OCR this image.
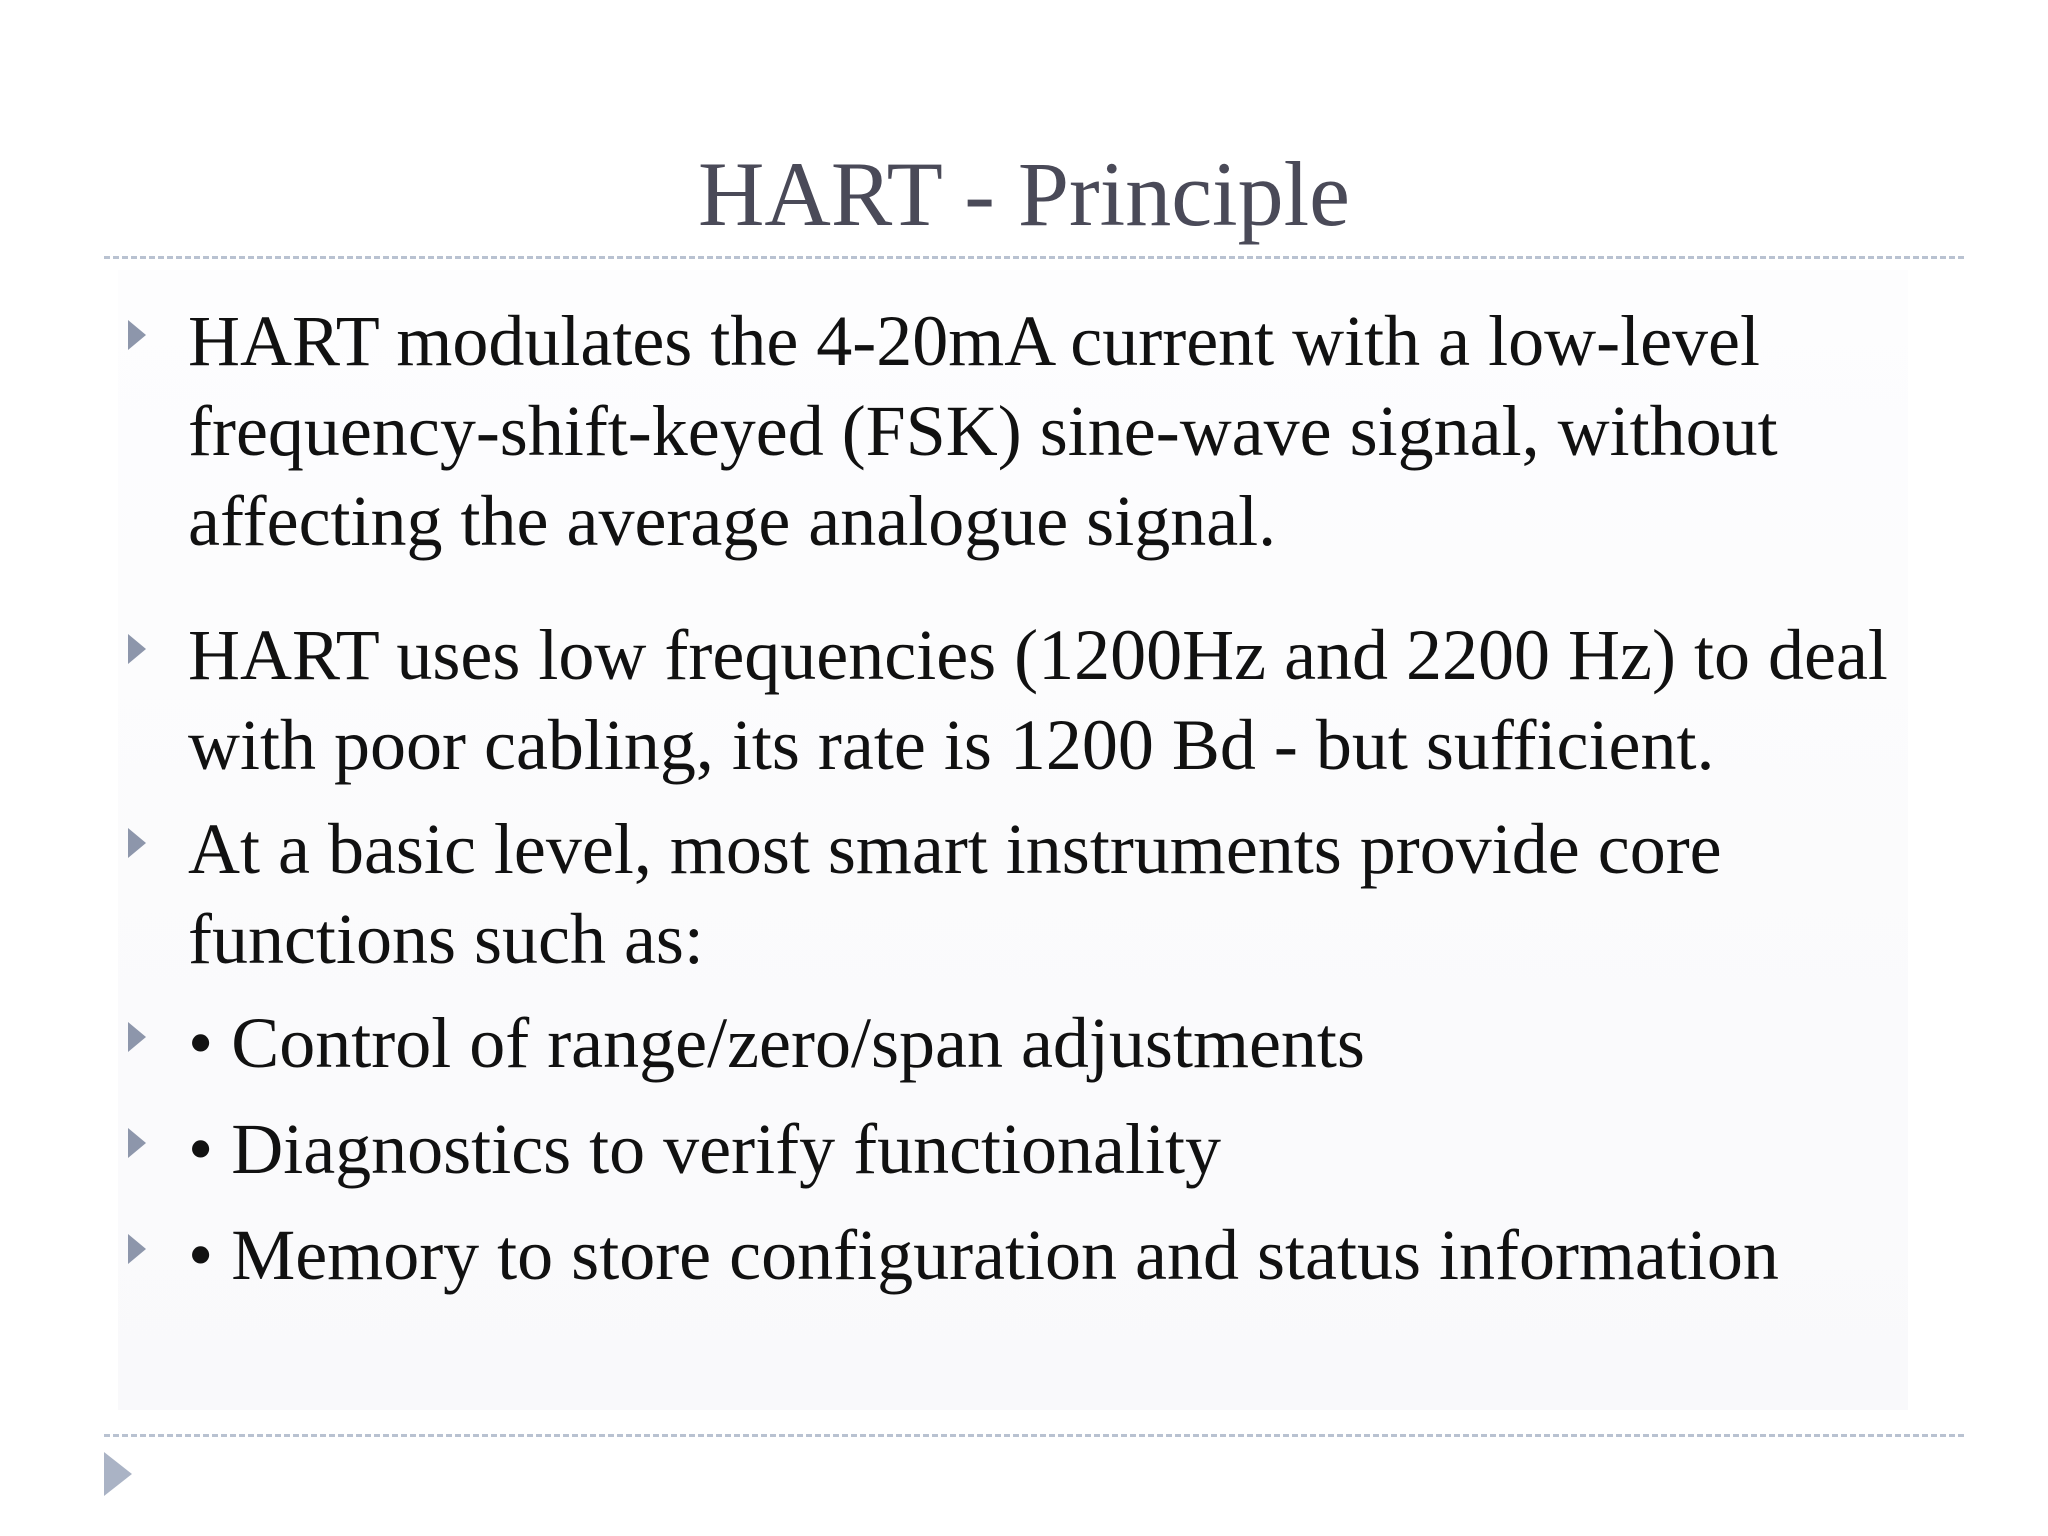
HART - Principle
HART modulates the 4-20mA current with a low-level frequency-shift-keyed (FSK) sine-wave signal, without affecting the average analogue signal.
HART uses low frequencies (1200Hz and 2200 Hz) to deal with poor cabling, its rate is 1200 Bd - but sufficient.
At a basic level, most smart instruments provide core functions such as:
• Control of range/zero/span adjustments
• Diagnostics to verify functionality
• Memory to store configuration and status information
